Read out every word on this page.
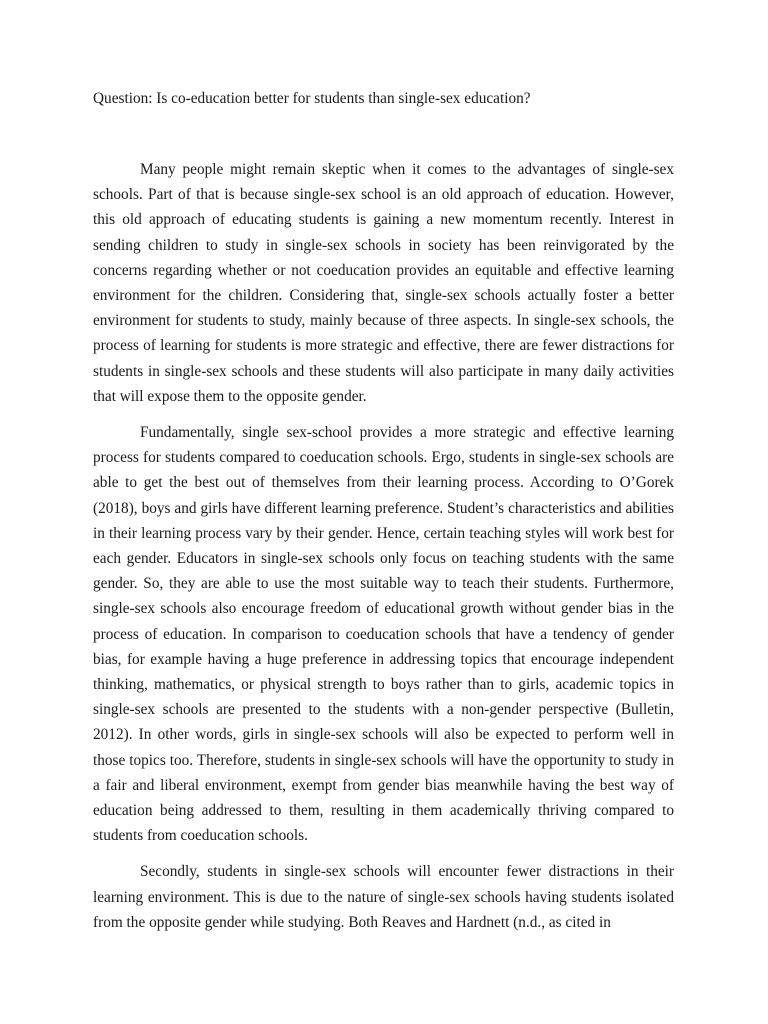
Question: Is co-education better for students than single-sex education?

Many people might remain skeptic when it comes to the advantages of single-sex schools. Part of that is because single-sex school is an old approach of education. However, this old approach of educating students is gaining a new momentum recently. Interest in sending children to study in single-sex schools in society has been reinvigorated by the concerns regarding whether or not coeducation provides an equitable and effective learning environment for the children. Considering that, single-sex schools actually foster a better environment for students to study, mainly because of three aspects. In single-sex schools, the process of learning for students is more strategic and effective, there are fewer distractions for students in single-sex schools and these students will also participate in many daily activities that will expose them to the opposite gender.

Fundamentally, single sex-school provides a more strategic and effective learning process for students compared to coeducation schools. Ergo, students in single-sex schools are able to get the best out of themselves from their learning process. According to O’Gorek (2018), boys and girls have different learning preference. Student’s characteristics and abilities in their learning process vary by their gender. Hence, certain teaching styles will work best for each gender. Educators in single-sex schools only focus on teaching students with the same gender. So, they are able to use the most suitable way to teach their students. Furthermore, single-sex schools also encourage freedom of educational growth without gender bias in the process of education. In comparison to coeducation schools that have a tendency of gender bias, for example having a huge preference in addressing topics that encourage independent thinking, mathematics, or physical strength to boys rather than to girls, academic topics in single-sex schools are presented to the students with a non-gender perspective (Bulletin, 2012). In other words, girls in single-sex schools will also be expected to perform well in those topics too. Therefore, students in single-sex schools will have the opportunity to study in a fair and liberal environment, exempt from gender bias meanwhile having the best way of education being addressed to them, resulting in them academically thriving compared to students from coeducation schools.

Secondly, students in single-sex schools will encounter fewer distractions in their learning environment. This is due to the nature of single-sex schools having students isolated from the opposite gender while studying. Both Reaves and Hardnett (n.d., as cited in
